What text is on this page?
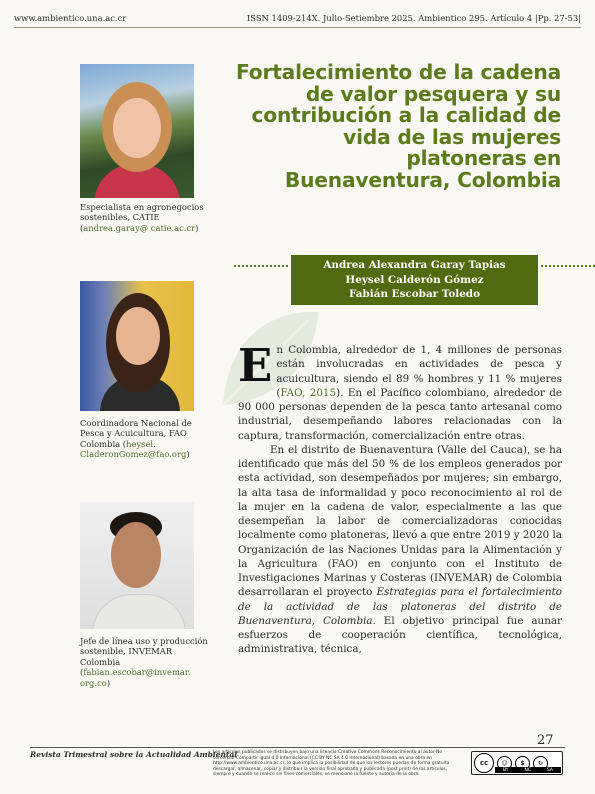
www.ambientico.una.ac.cr	ISSN 1409-214X. Julio-Setiembre 2025. Ambientico 295. Artículo 4 |Pp. 27-53|
Especialista en agronegocios sostenibles, CATIE (andrea.garay@ catie.ac.cr)
Coordinadora Nacional de Pesca y Acuicultura, FAO Colombia (heysel. CladeronGomez@fao.org)
Jefe de línea uso y producción sostenible, INVEMAR Colombia (fabian.escobar@invemar. org.co)
Fortalecimiento de la cadena de valor pesquera y su contribución a la calidad de vida de las mujeres platoneras en Buenaventura, Colombia
Andrea Alexandra Garay Tapias
Heysel Calderón Gómez
Fabián Escobar Toledo

En Colombia, alrededor de 1, 4 millones de personas están involucradas en actividades de pesca y acuicultura, siendo el 89 % hombres y 11 % mujeres (FAO, 2015). En el Pacífico colombiano, alrededor de 90 000 personas dependen de la pesca tanto artesanal como industrial, desempeñando labores relacionadas con la captura, transformación, comercialización entre otras.

En el distrito de Buenaventura (Valle del Cauca), se ha identificado que más del 50 % de los empleos generados por esta actividad, son desempeñados por mujeres; sin embargo, la alta tasa de informalidad y poco reconocimiento al rol de la mujer en la cadena de valor, especialmente a las que desempeñan la labor de comercializadoras conocidas localmente como platoneras, llevó a que entre 2019 y 2020 la Organización de las Naciones Unidas para la Alimentación y la Agricultura (FAO) en conjunto con el Instituto de Investigaciones Marinas y Costeras (INVEMAR) de Colombia desarrollaran el proyecto Estrategias para el fortalecimiento de la actividad de las platoneras del distrito de Buenaventura, Colombia. El objetivo principal fue aunar esfuerzos de cooperación científica, tecnológica, administrativa, técnica,

27
Revista Trimestral sobre la Actualidad Ambiental
Los artículos publicados se distribuyen bajo una licencia Creative Commons Reconocimiento al autor-No comercial-Compartir igual 4.0 Internacional (CC BY NC SA 4.0 Internacional) basada en una obra en http://www.ambientico.una.ac.cr, lo que implica la posibilidad de que los lectores puedan de forma gratuita descargar, almacenar, copiar y distribuir la versión final aprobada y publicada (post print) de los artículos, siempre y cuando se realice sin fines comerciales, se mencione la fuente y autoría de la obra.
cc	☺	$	↻
BY	NC	SA
